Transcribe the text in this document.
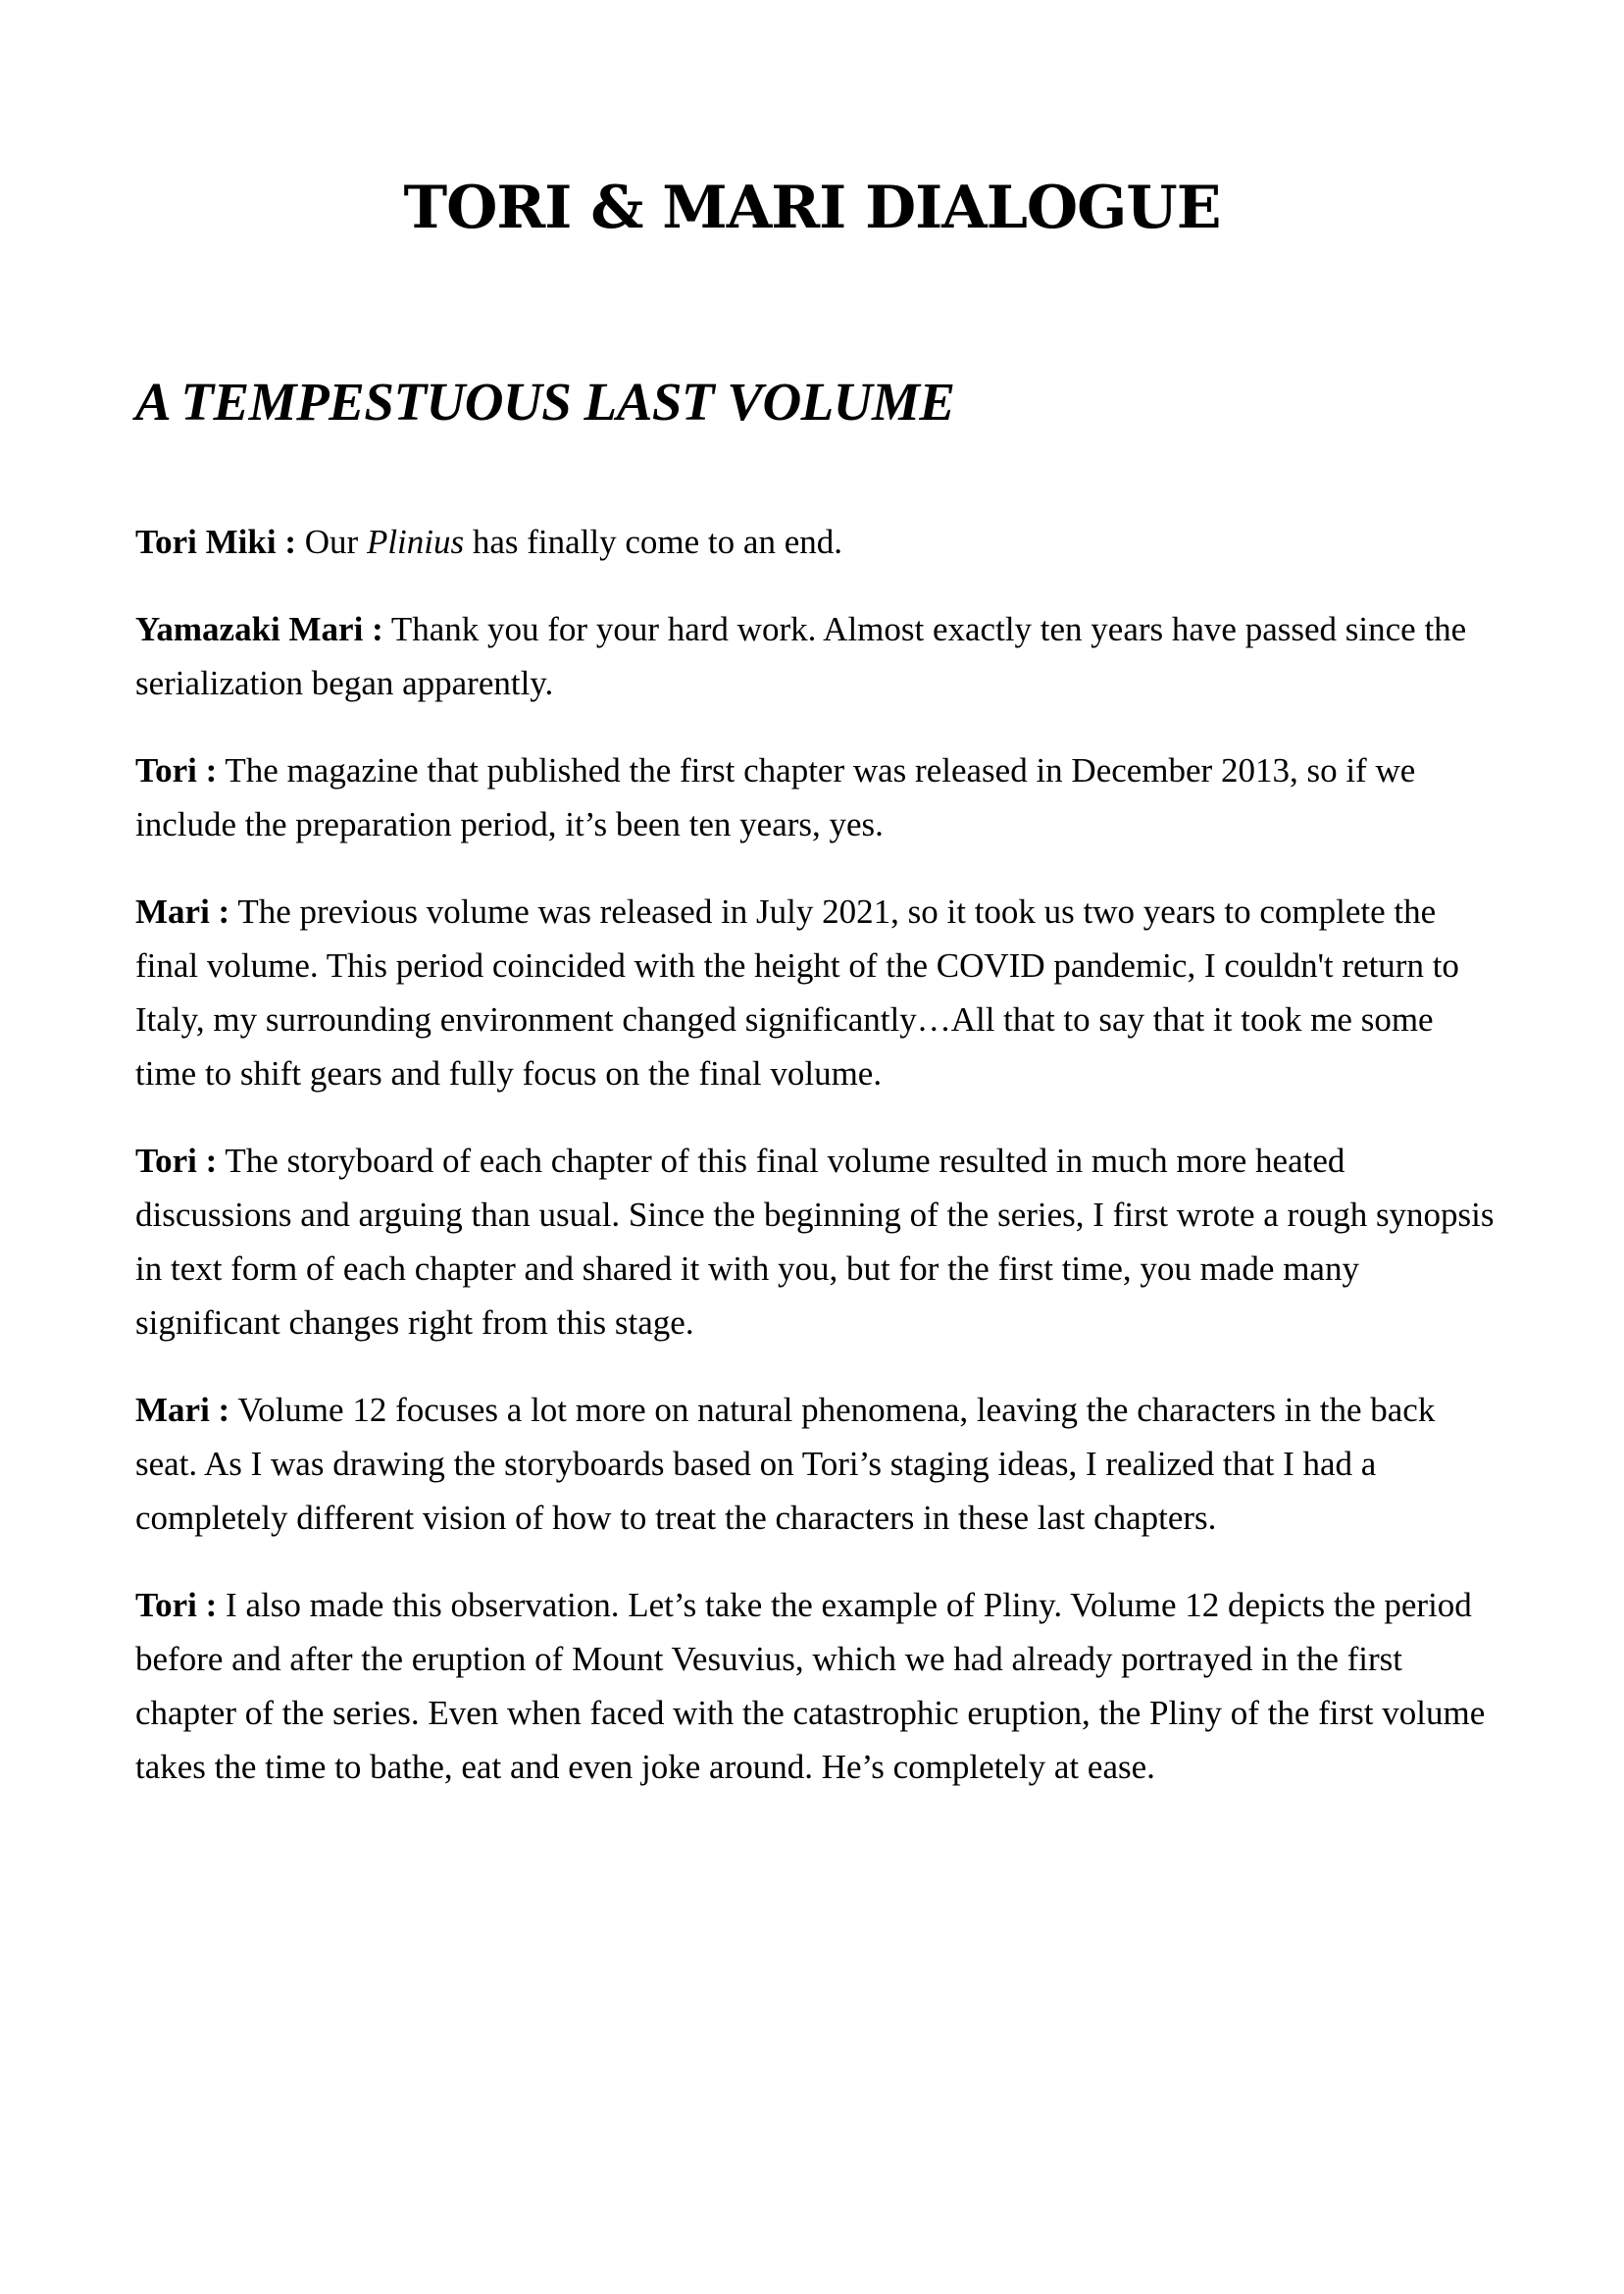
TORI & MARI DIALOGUE
A TEMPESTUOUS LAST VOLUME

Tori Miki : Our Plinius has finally come to an end.

Yamazaki Mari : Thank you for your hard work. Almost exactly ten years have passed since the serialization began apparently.

Tori : The magazine that published the first chapter was released in December 2013, so if we include the preparation period, it’s been ten years, yes.

Mari : The previous volume was released in July 2021, so it took us two years to complete the final volume. This period coincided with the height of the COVID pandemic, I couldn't return to Italy, my surrounding environment changed significantly…All that to say that it took me some time to shift gears and fully focus on the final volume.

Tori : The storyboard of each chapter of this final volume resulted in much more heated discussions and arguing than usual. Since the beginning of the series, I first wrote a rough synopsis in text form of each chapter and shared it with you, but for the first time, you made many significant changes right from this stage.

Mari : Volume 12 focuses a lot more on natural phenomena, leaving the characters in the back seat. As I was drawing the storyboards based on Tori’s staging ideas, I realized that I had a completely different vision of how to treat the characters in these last chapters.

Tori : I also made this observation. Let’s take the example of Pliny. Volume 12 depicts the period before and after the eruption of Mount Vesuvius, which we had already portrayed in the first chapter of the series. Even when faced with the catastrophic eruption, the Pliny of the first volume takes the time to bathe, eat and even joke around. He’s completely at ease.
